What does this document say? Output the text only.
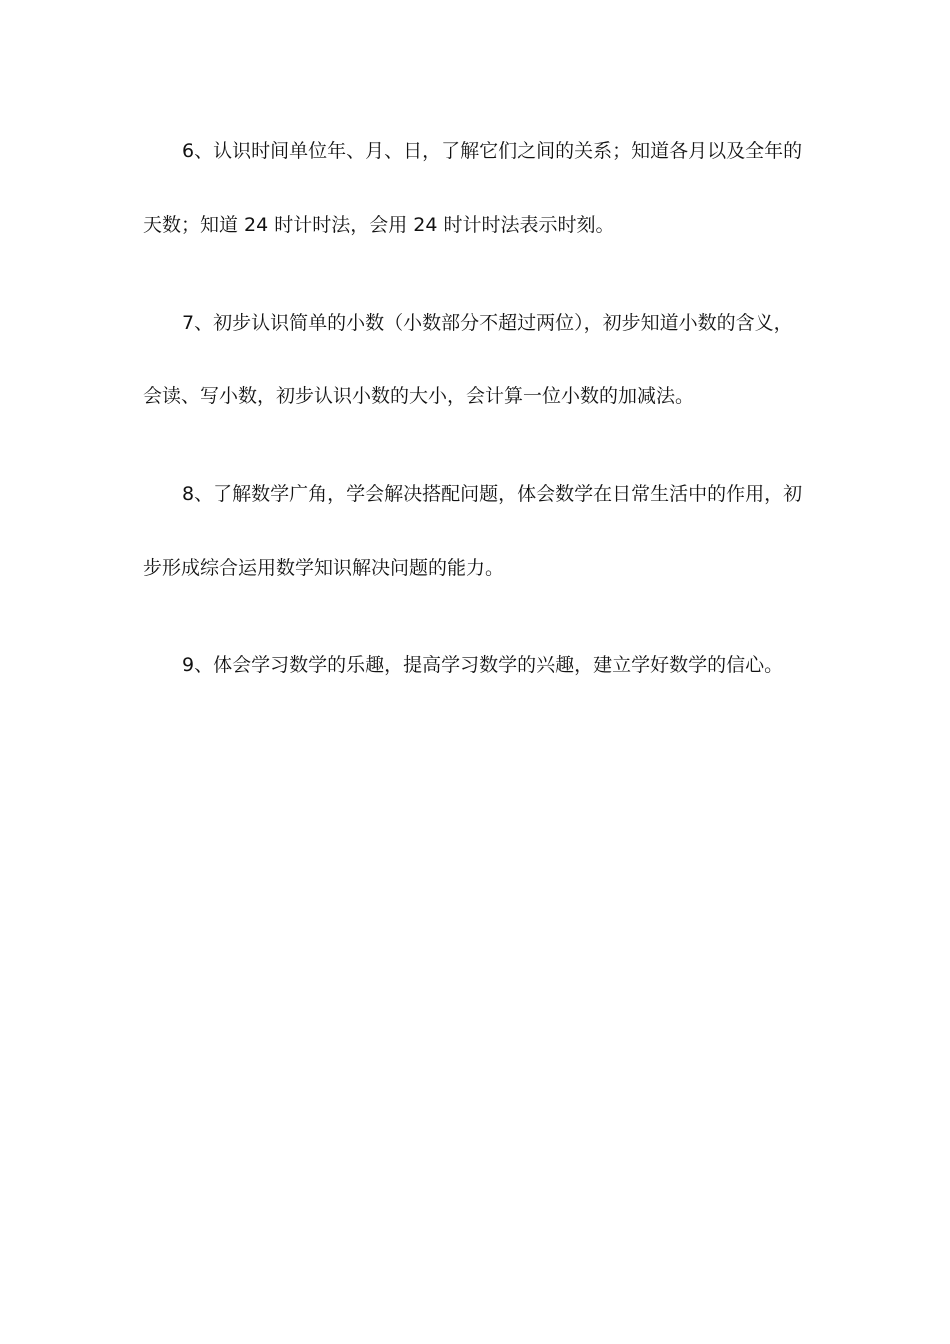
6、认识时间单位年、月、日，了解它们之间的关系；知道各月以及全年的
天数；知道 24 时计时法，会用 24 时计时法表示时刻。
7、初步认识简单的小数（小数部分不超过两位），初步知道小数的含义，
会读、写小数，初步认识小数的大小，会计算一位小数的加减法。
8、了解数学广角，学会解决搭配问题，体会数学在日常生活中的作用，初
步形成综合运用数学知识解决问题的能力。
9、体会学习数学的乐趣，提高学习数学的兴趣，建立学好数学的信心。
